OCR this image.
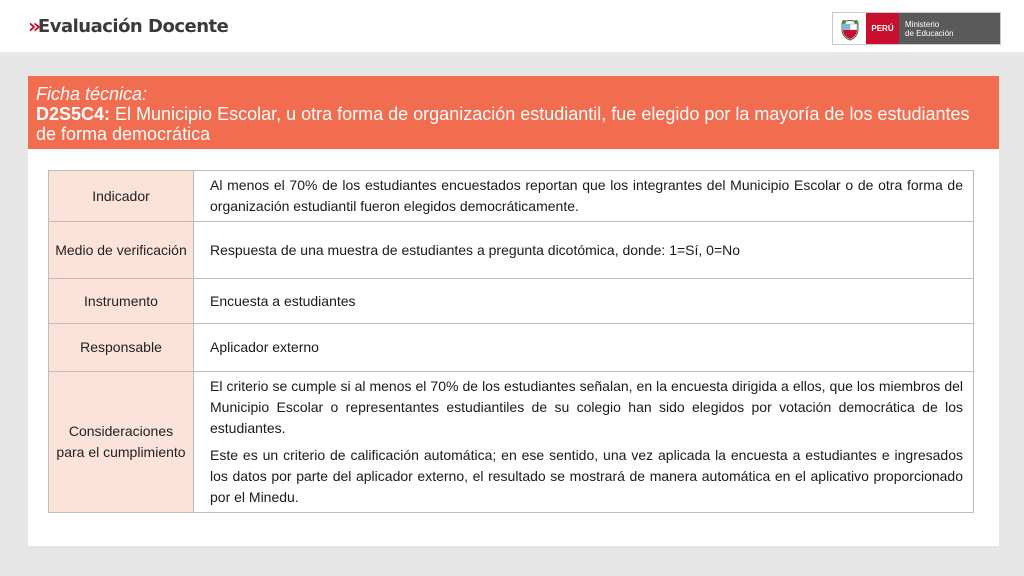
» Evaluación Docente	PERÚ	Ministerio
de Educación
Ficha técnica:
D2S5C4: El Municipio Escolar, u otra forma de organización estudiantil, fue elegido por la mayoría de los estudiantes de forma democrática
Indicador	Al menos el 70% de los estudiantes encuestados reportan que los integrantes del Municipio Escolar o de otra forma de organización estudiantil fueron elegidos democráticamente.

Medio de verificación	Respuesta de una muestra de estudiantes a pregunta dicotómica, donde: 1=Sí, 0=No

Instrumento	Encuesta a estudiantes

Responsable	Aplicador externo

Consideraciones para el cumplimiento	El criterio se cumple si al menos el 70% de los estudiantes señalan, en la encuesta dirigida a ellos, que los miembros del Municipio Escolar o representantes estudiantiles de su colegio han sido elegidos por votación democrática de los estudiantes.

Este es un criterio de calificación automática; en ese sentido, una vez aplicada la encuesta a estudiantes e ingresados los datos por parte del aplicador externo, el resultado se mostrará de manera automática en el aplicativo proporcionado por el Minedu.
